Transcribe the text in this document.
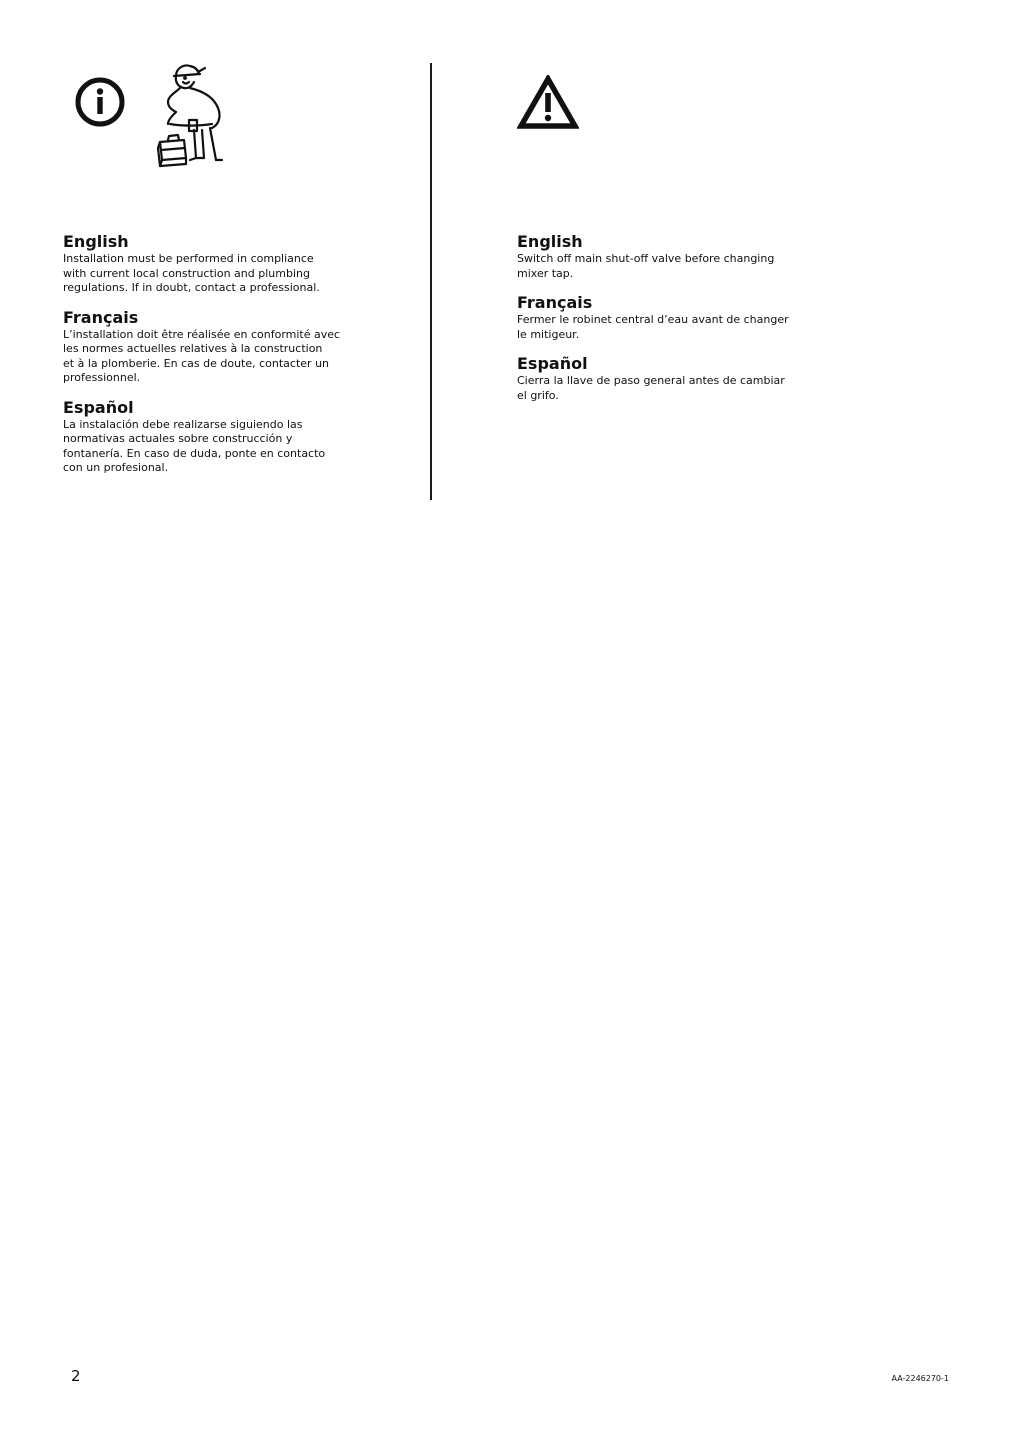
English

Installation must be performed in compliance
with current local construction and plumbing
regulations. If in doubt, contact a professional.

Français

L’installation doit être réalisée en conformité avec
les normes actuelles relatives à la construction
et à la plomberie. En cas de doute, contacter un
professionnel.

Español

La instalación debe realizarse siguiendo las
normativas actuales sobre construcción y
fontanería. En caso de duda, ponte en contacto
con un profesional.

English

Switch off main shut-off valve before changing
mixer tap.

Français

Fermer le robinet central d’eau avant de changer
le mitigeur.

Español

Cierra la llave de paso general antes de cambiar
el grifo.

2	AA-2246270-1
